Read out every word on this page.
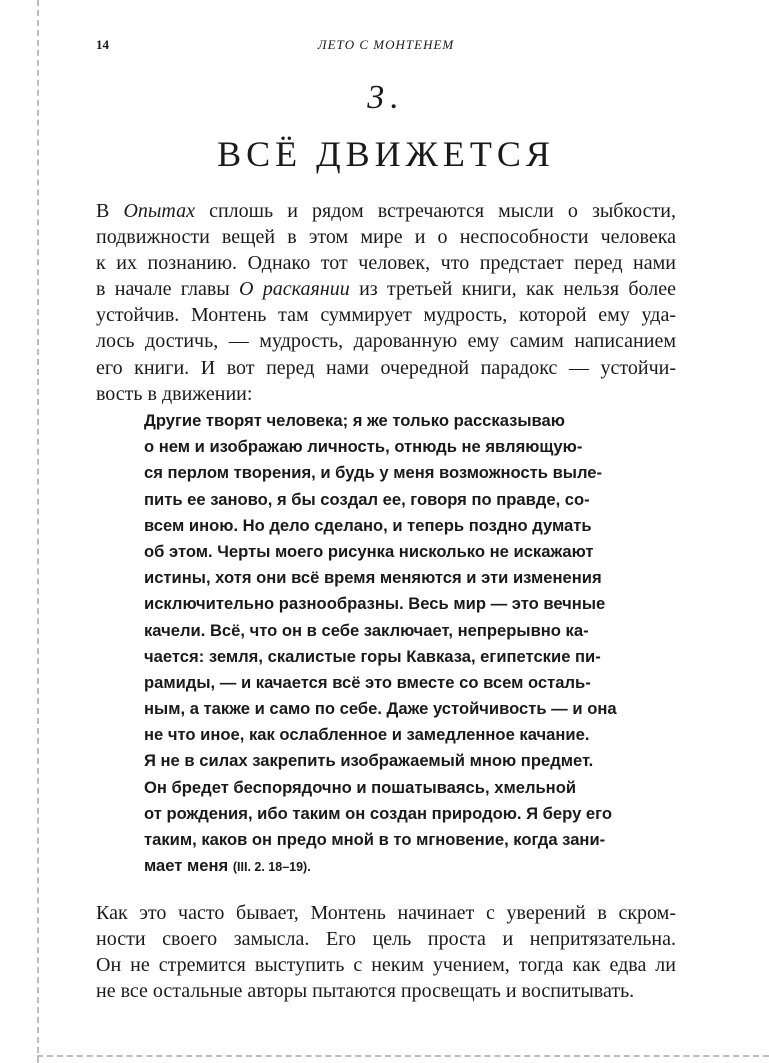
14	ЛЕТО С МОНТЕНЕМ
3.
ВСЁ ДВИЖЕТСЯ
В Опытах сплошь и рядом встречаются мысли о зыбкости,
подвижности вещей в этом мире и о неспособности человека
к их познанию. Однако тот человек, что предстает перед нами
в начале главы О раскаянии из третьей книги, как нельзя более
устойчив. Монтень там суммирует мудрость, которой ему уда-
лось достичь, — мудрость, дарованную ему самим написанием
его книги. И вот перед нами очередной парадокс — устойчи-
вость в движении:
Другие творят человека; я же только рассказываю
о нем и изображаю личность, отнюдь не являющую-
ся перлом творения, и будь у меня возможность выле-
пить ее заново, я бы создал ее, говоря по правде, со-
всем иною. Но дело сделано, и теперь поздно думать
об этом. Черты моего рисунка нисколько не искажают
истины, хотя они всё время меняются и эти изменения
исключительно разнообразны. Весь мир — это вечные
качели. Всё, что он в себе заключает, непрерывно ка-
чается: земля, скалистые горы Кавказа, египетские пи-
рамиды, — и качается всё это вместе со всем осталь-
ным, а также и само по себе. Даже устойчивость — и она
не что иное, как ослабленное и замедленное качание.
Я не в силах закрепить изображаемый мною предмет.
Он бредет беспорядочно и пошатываясь, хмельной
от рождения, ибо таким он создан природою. Я беру его
таким, каков он предо мной в то мгновение, когда зани-
мает меня (III. 2. 18–19).
Как это часто бывает, Монтень начинает с уверений в скром-
ности своего замысла. Его цель проста и непритязательна.
Он не стремится выступить с неким учением, тогда как едва ли
не все остальные авторы пытаются просвещать и воспитывать.
